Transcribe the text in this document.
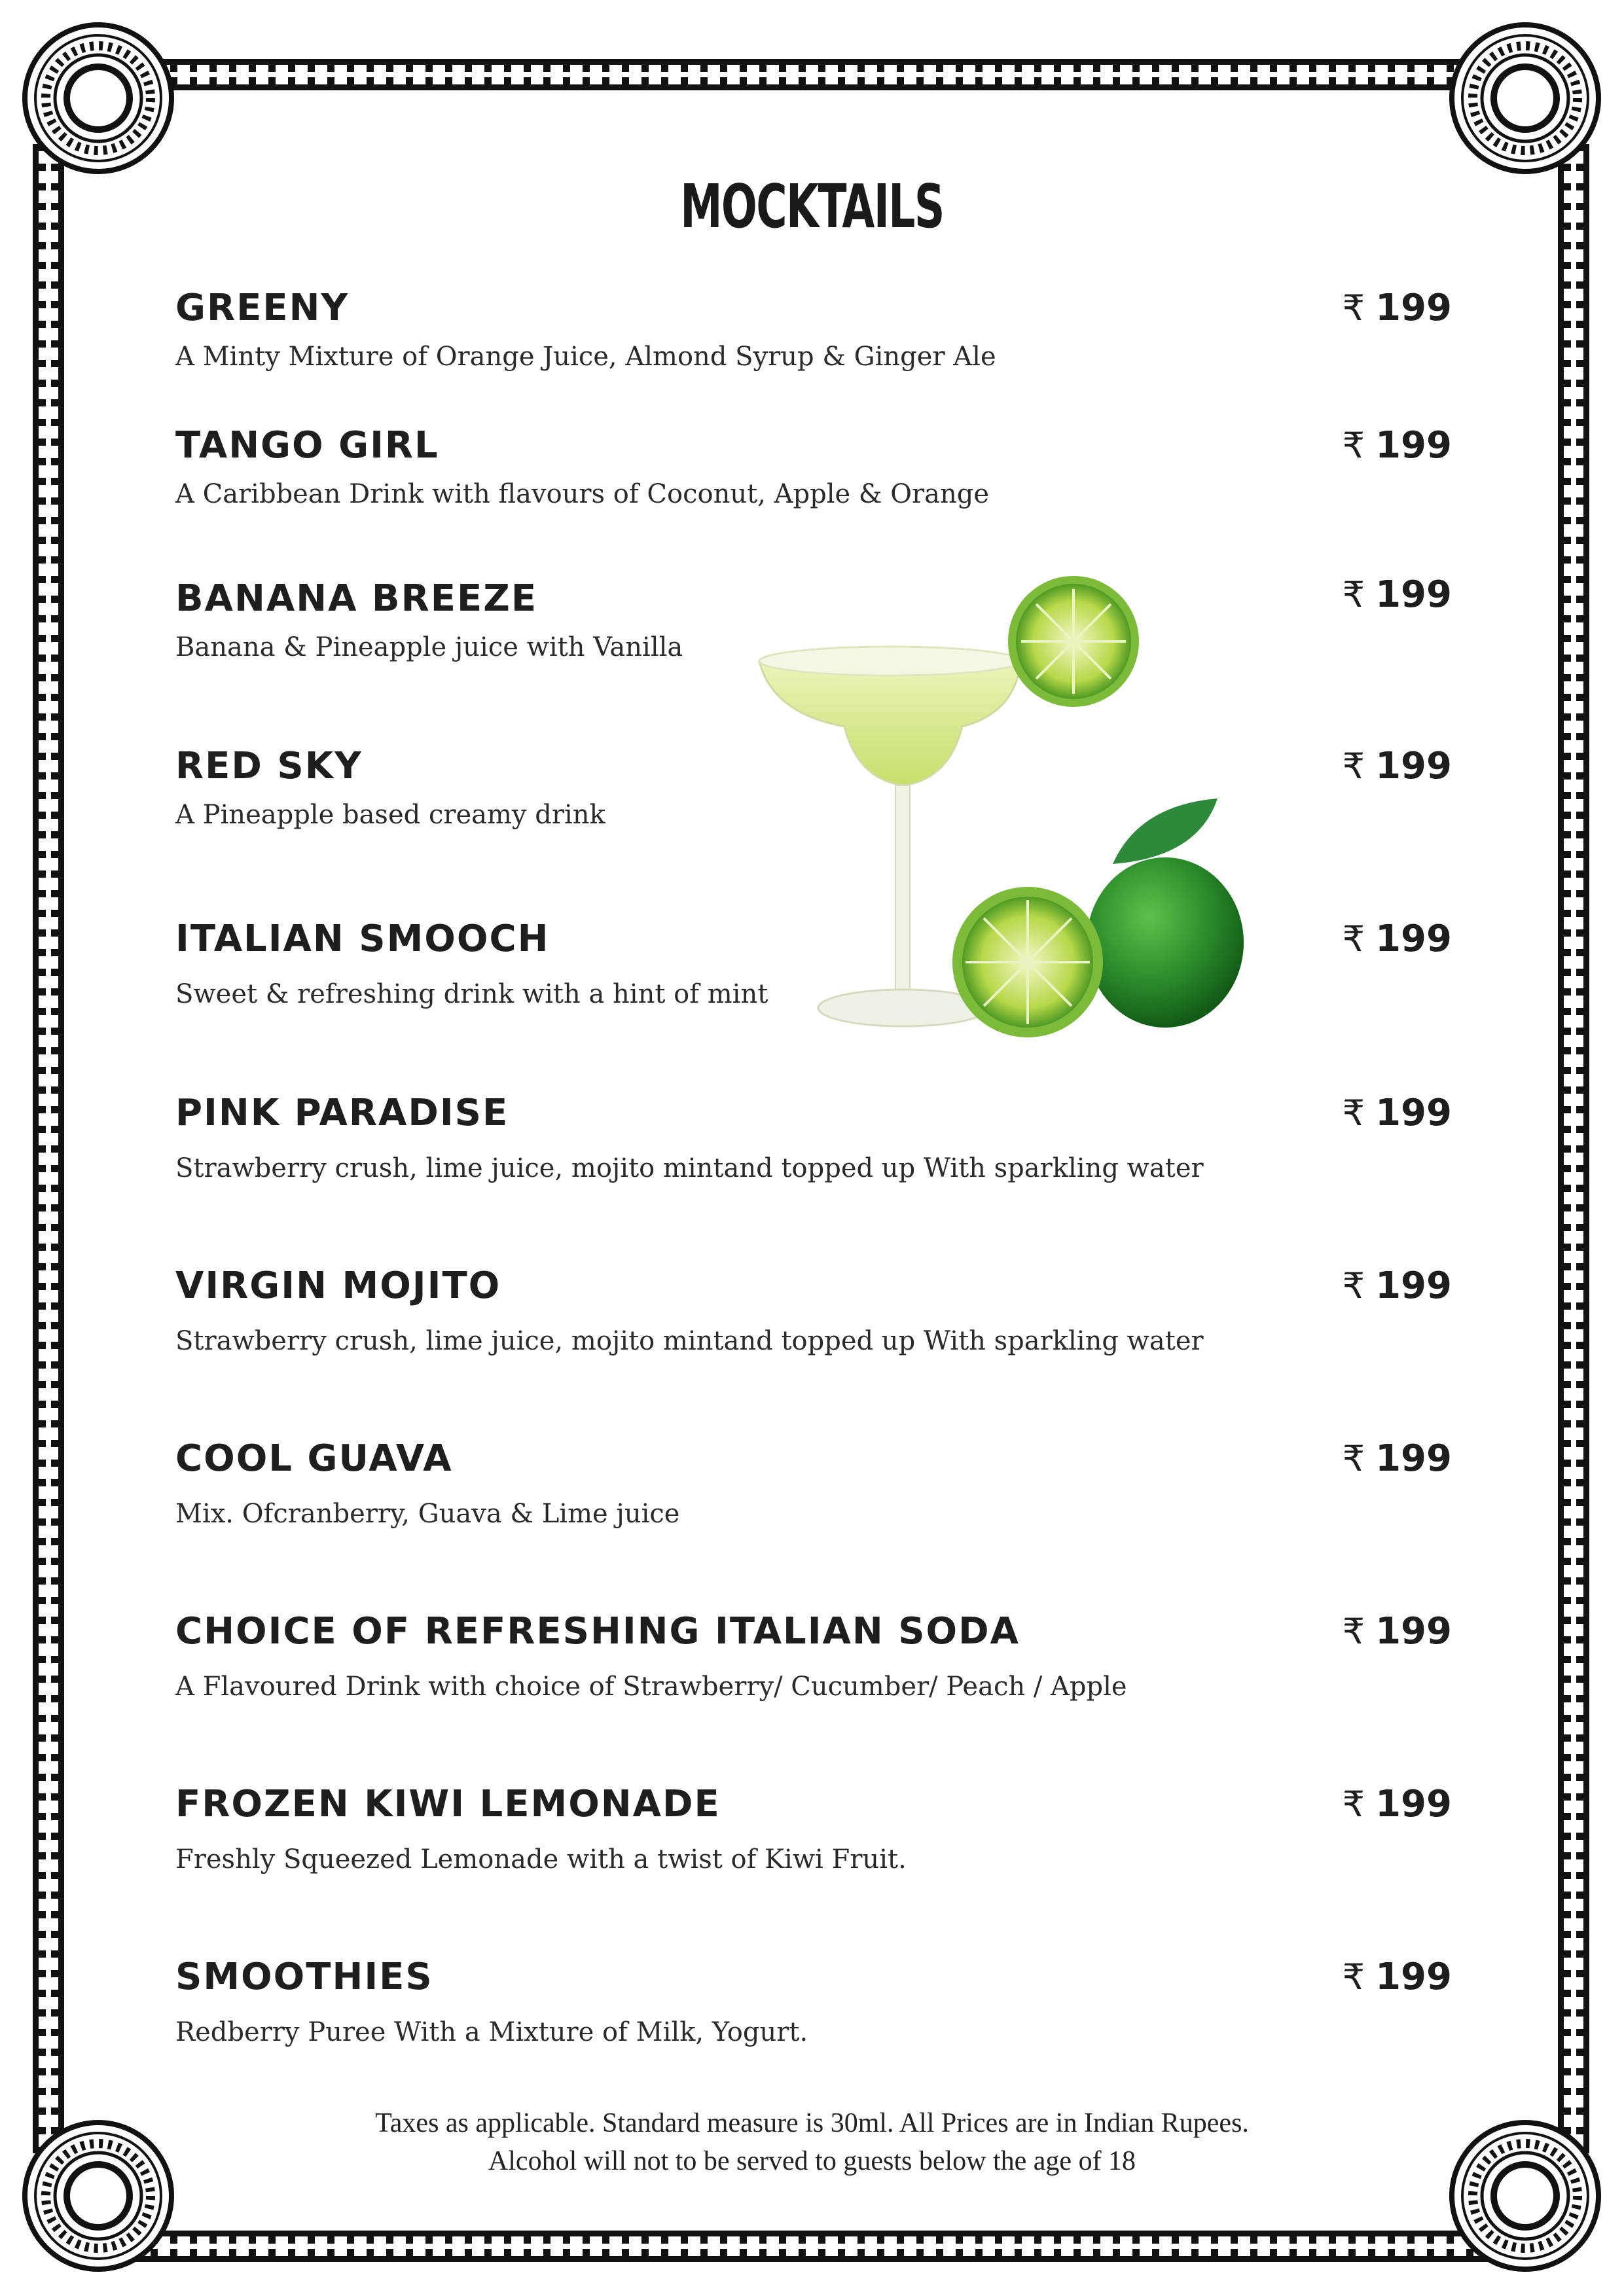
MOCKTAILS
GREENY	₹ 199
A Minty Mixture of Orange Juice, Almond Syrup & Ginger Ale
TANGO GIRL	₹ 199
A Caribbean Drink with flavours of Coconut, Apple & Orange
BANANA BREEZE	₹ 199
Banana & Pineapple juice with Vanilla
RED SKY	₹ 199
A Pineapple based creamy drink
ITALIAN SMOOCH	₹ 199
Sweet & refreshing drink with a hint of mint
PINK PARADISE	₹ 199
Strawberry crush, lime juice, mojito mintand topped up With sparkling water
VIRGIN MOJITO	₹ 199
Strawberry crush, lime juice, mojito mintand topped up With sparkling water
COOL GUAVA	₹ 199
Mix. Ofcranberry, Guava & Lime juice
CHOICE OF REFRESHING ITALIAN SODA	₹ 199
A Flavoured Drink with choice of Strawberry/ Cucumber/ Peach / Apple
FROZEN KIWI LEMONADE	₹ 199
Freshly Squeezed Lemonade with a twist of Kiwi Fruit.
SMOOTHIES	₹ 199
Redberry Puree With a Mixture of Milk, Yogurt.
Taxes as applicable. Standard measure is 30ml. All Prices are in Indian Rupees.
Alcohol will not to be served to guests below the age of 18
